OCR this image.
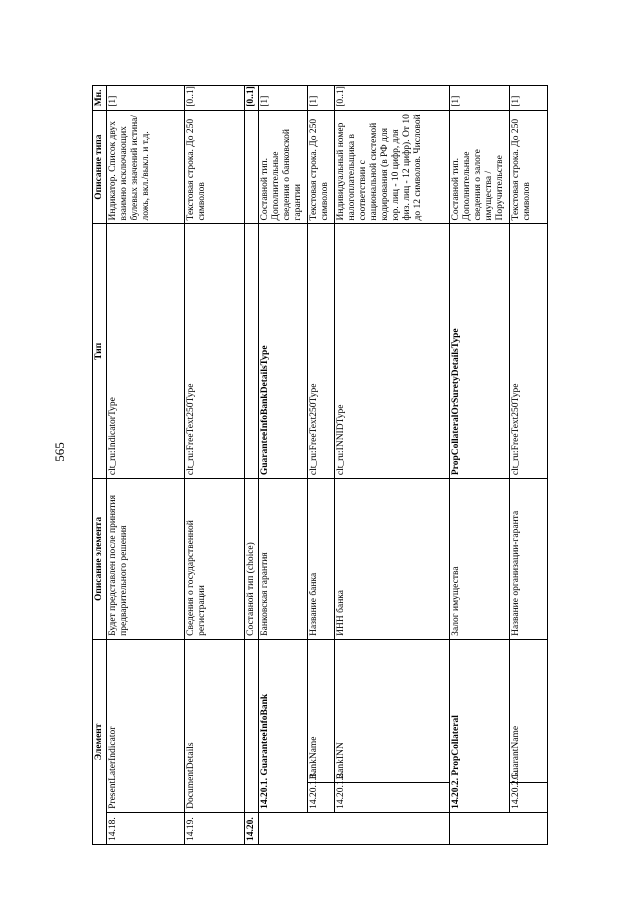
565
Элемент			Описание элемента	Тип	Описание типа	Мн.
14.18.	PresentLaterIndicator		Будет представлен после принятия предварительного решения	clt_ru:IndicatorType	Индикатор. Список двух взаимно исключающих булевых значений истина/ложь, вкл./выкл. и т.д.	[1]
14.19.	DocumentDetails		Сведения о государственной регистрации	clt_ru:FreeText250Type	Текстовая строка. До 250 символов	[0..1]
14.20.			Составной тип (choice)			[0..1]
	14.20.1. GuaranteeInfoBank		Банковская гарантия	GuaranteeInfoBankDetailsType	Составной тип. Дополнительные сведения о банковской гарантии	[1]
	14.20.1.1.	BankName	Название банка	clt_ru:FreeText250Type	Текстовая строка. До 250 символов	[1]
	14.20.1.2.	BankINN	ИНН банка	clt_ru:INNIDType	Индивидуальный номер налогоплательщика в соответствии с национальной системой кодирования (в РФ для юр. лиц - 10 цифр, для физ. лиц - 12 цифр). От 10 до 12 символов. Числовой	[0..1]
	14.20.2. PropCollateral		Залог имущества	PropCollateralOrSuretyDetailsType	Составной тип. Дополнительные сведения о залоге имущества / Поручительстве	[1]
	14.20.2.1.	GuarantName	Название организации-гаранта	clt_ru:FreeText250Type	Текстовая строка. До 250 символов	[1]
